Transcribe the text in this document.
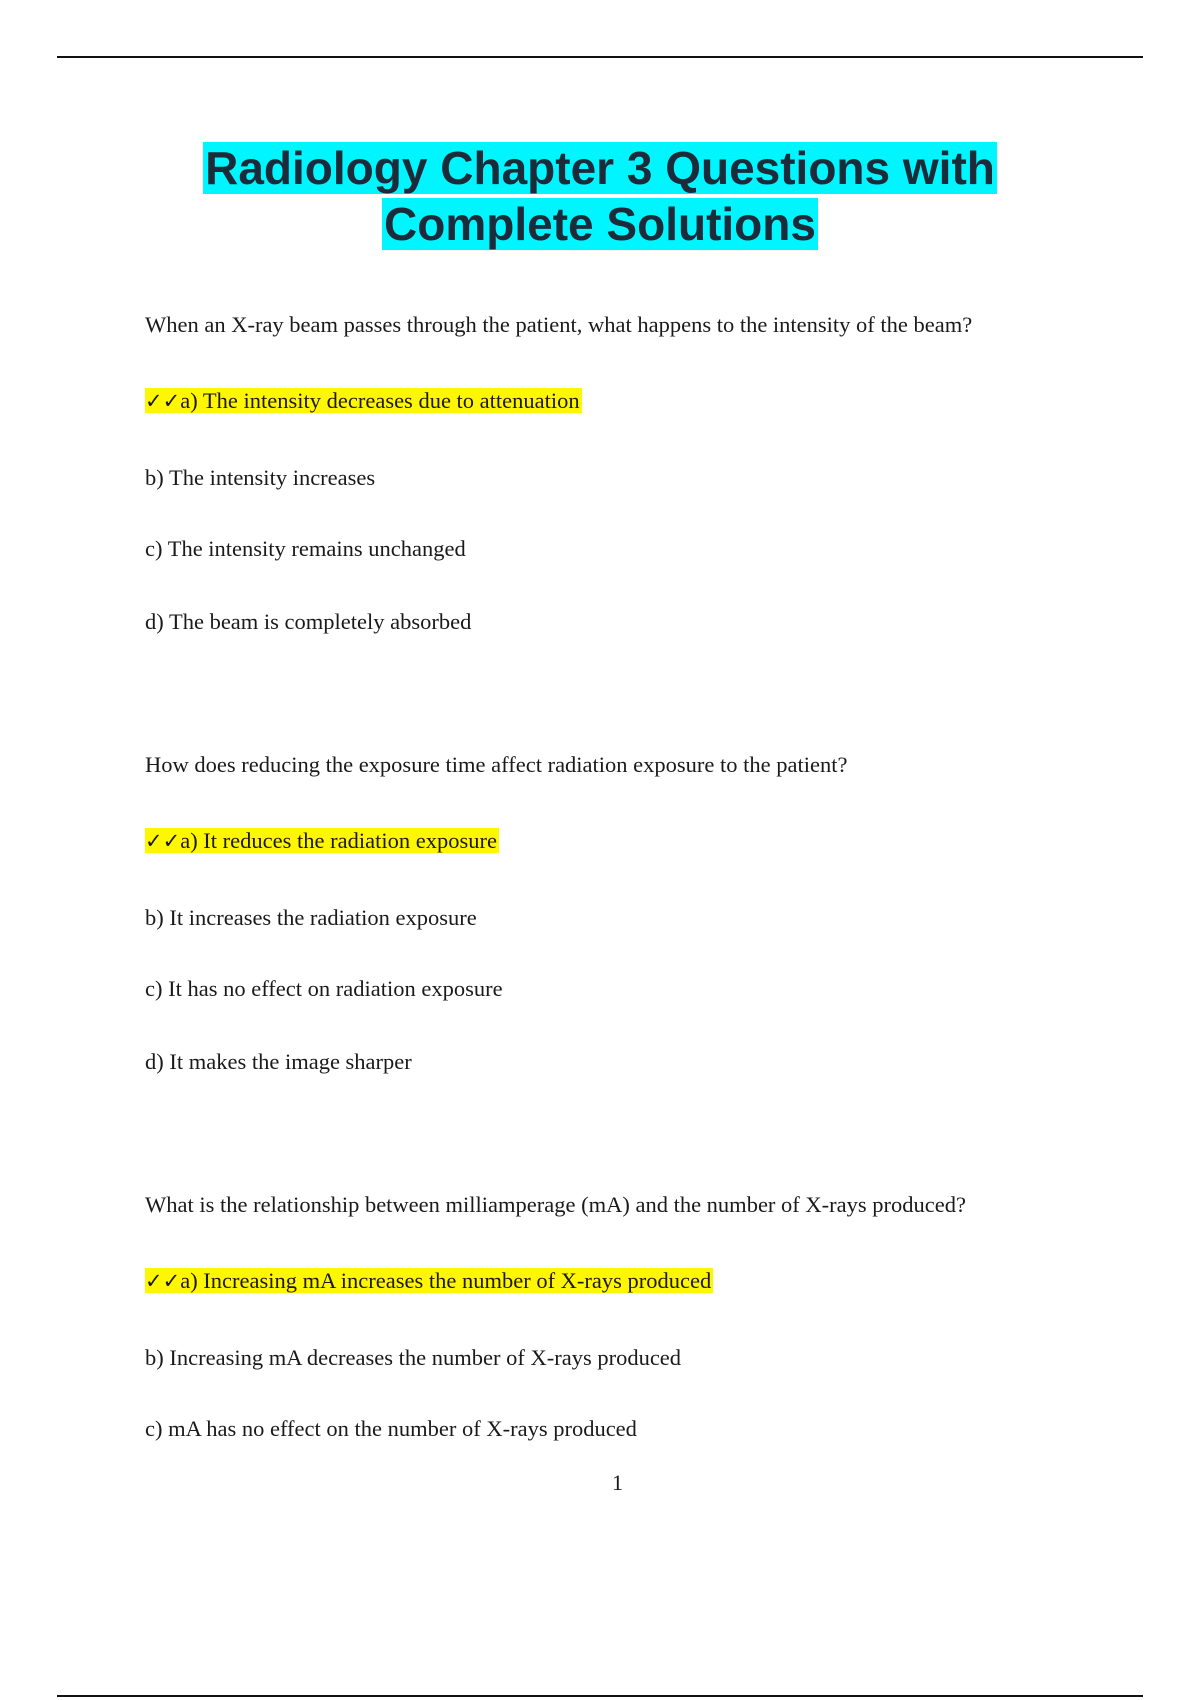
Radiology Chapter 3 Questions with
Complete Solutions
When an X-ray beam passes through the patient, what happens to the intensity of the beam?
✓✓a) The intensity decreases due to attenuation
b) The intensity increases
c) The intensity remains unchanged
d) The beam is completely absorbed
How does reducing the exposure time affect radiation exposure to the patient?
✓✓a) It reduces the radiation exposure
b) It increases the radiation exposure
c) It has no effect on radiation exposure
d) It makes the image sharper
What is the relationship between milliamperage (mA) and the number of X-rays produced?
✓✓a) Increasing mA increases the number of X-rays produced
b) Increasing mA decreases the number of X-rays produced
c) mA has no effect on the number of X-rays produced
1
